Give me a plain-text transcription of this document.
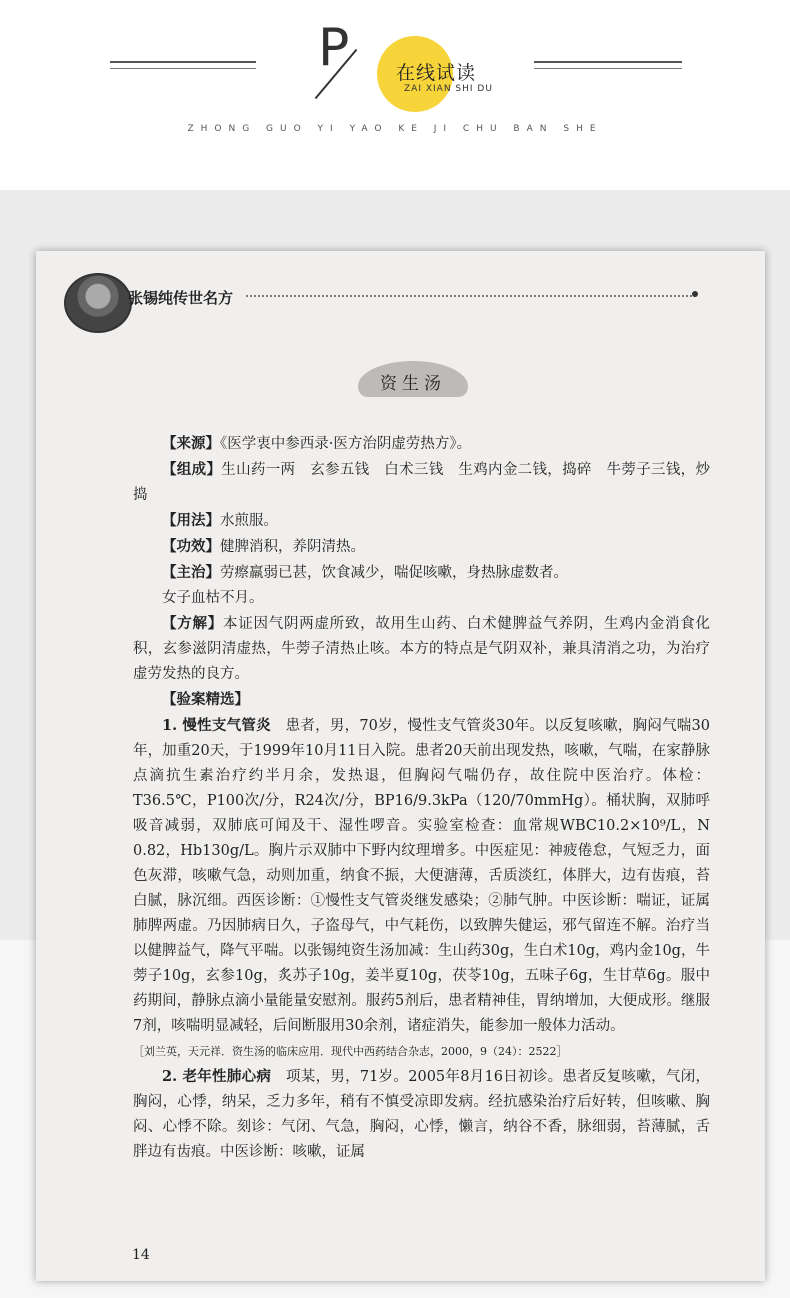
P 在线试读
ZAI XIAN SHI DU
ZHONG GUO YI YAO KE JI CHU BAN SHE
张锡纯传世名方
资生汤

【来源】《医学衷中参西录·医方治阴虚劳热方》。

【组成】生山药一两　玄参五钱　白术三钱　生鸡内金二钱，捣碎　牛蒡子三钱，炒捣

【用法】水煎服。

【功效】健脾消积，养阴清热。

【主治】劳瘵羸弱已甚，饮食减少，喘促咳嗽，身热脉虚数者。

女子血枯不月。

【方解】本证因气阴两虚所致，故用生山药、白术健脾益气养阴，生鸡内金消食化积，玄参滋阴清虚热，牛蒡子清热止咳。本方的特点是气阴双补，兼具清消之功，为治疗虚劳发热的良方。

【验案精选】

1. 慢性支气管炎　患者，男，70岁，慢性支气管炎30年。以反复咳嗽，胸闷气喘30年，加重20天，于1999年10月11日入院。患者20天前出现发热，咳嗽，气喘，在家静脉点滴抗生素治疗约半月余，发热退，但胸闷气喘仍存，故住院中医治疗。体检：T36.5℃，P100次/分，R24次/分，BP16/9.3kPa（120/70mmHg）。桶状胸，双肺呼吸音减弱，双肺底可闻及干、湿性啰音。实验室检查：血常规WBC10.2×10⁹/L，N 0.82，Hb130g/L。胸片示双肺中下野内纹理增多。中医症见：神疲倦怠，气短乏力，面色灰滞，咳嗽气急，动则加重，纳食不振，大便溏薄，舌质淡红，体胖大，边有齿痕，苔白腻，脉沉细。西医诊断：①慢性支气管炎继发感染；②肺气肿。中医诊断：喘证，证属肺脾两虚。乃因肺病日久，子盗母气，中气耗伤，以致脾失健运，邪气留连不解。治疗当以健脾益气，降气平喘。以张锡纯资生汤加减：生山药30g，生白术10g，鸡内金10g，牛蒡子10g，玄参10g，炙苏子10g，姜半夏10g，茯苓10g，五味子6g，生甘草6g。服中药期间，静脉点滴小量能量安慰剂。服药5剂后，患者精神佳，胃纳增加，大便成形。继服7剂，咳喘明显减轻，后间断服用30余剂，诸症消失，能参加一般体力活动。

［刘兰英，天元祥．资生汤的临床应用．现代中西药结合杂志，2000，9（24）：2522］

2. 老年性肺心病　项某，男，71岁。2005年8月16日初诊。患者反复咳嗽，气闭，胸闷，心悸，纳呆，乏力多年，稍有不慎受凉即发病。经抗感染治疗后好转，但咳嗽、胸闷、心悸不除。刻诊：气闭、气急，胸闷，心悸，懒言，纳谷不香，脉细弱，苔薄腻，舌胖边有齿痕。中医诊断：咳嗽，证属

14
